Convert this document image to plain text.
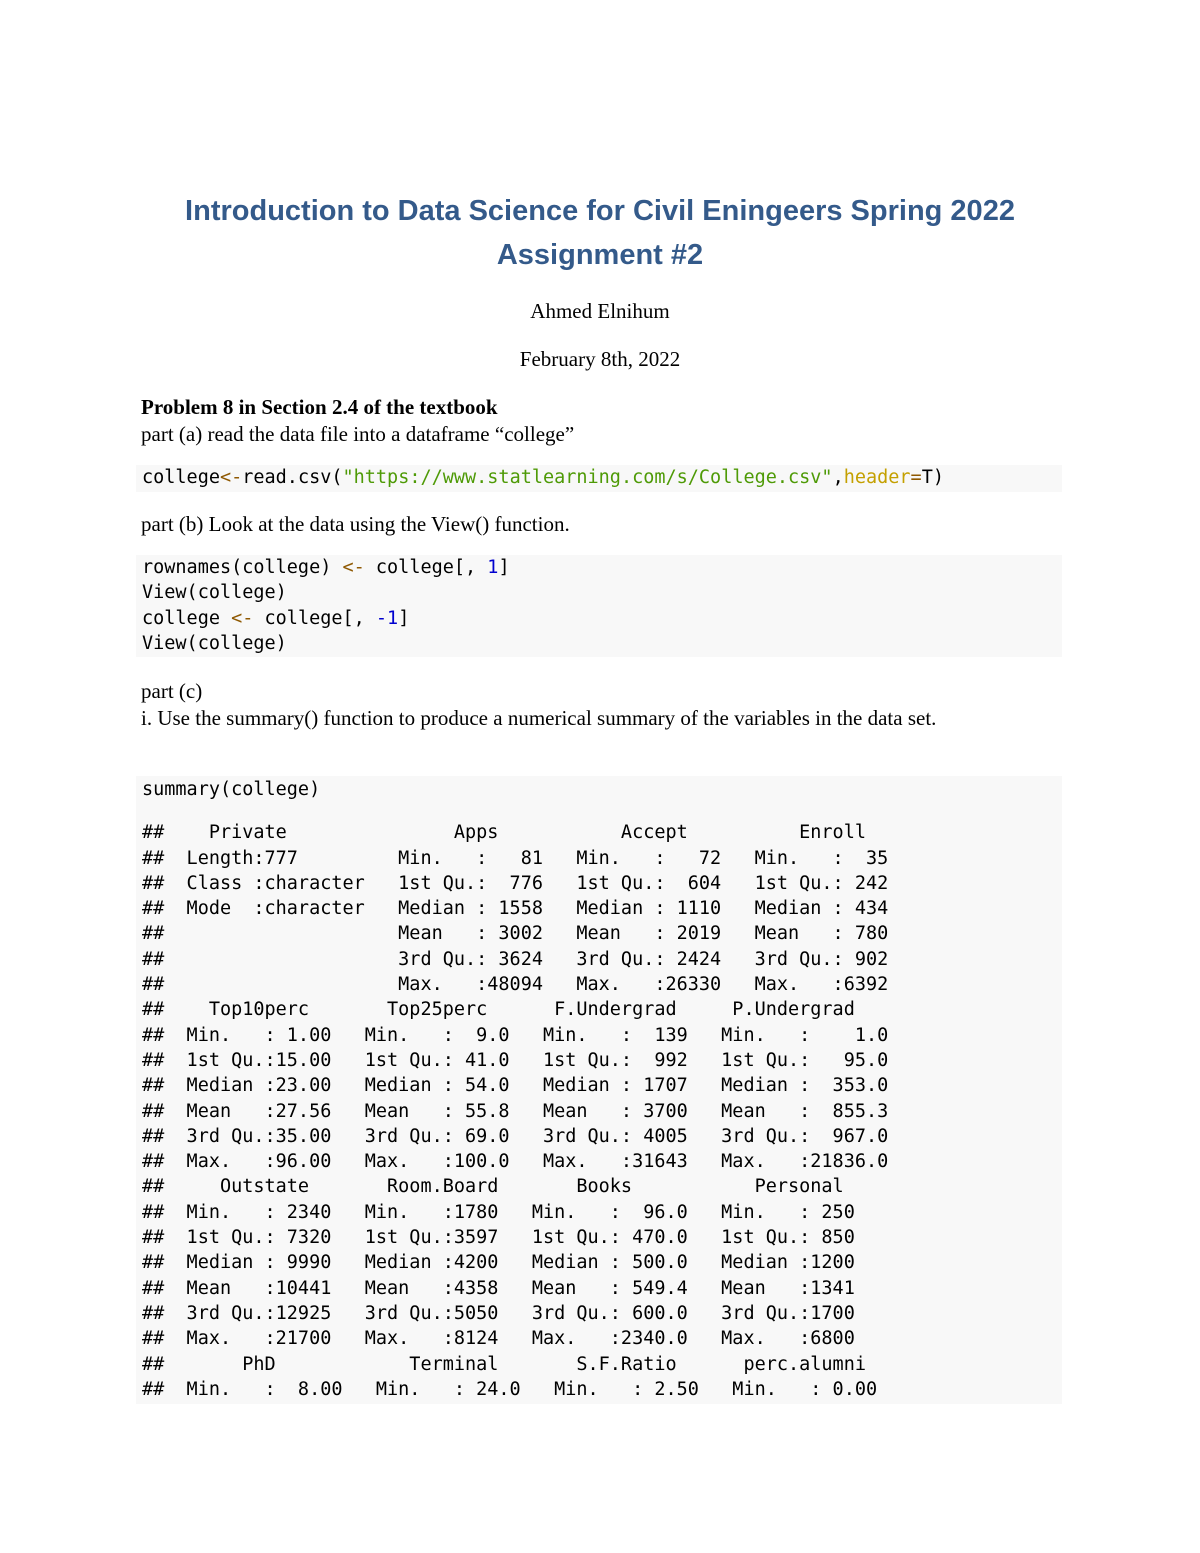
Introduction to Data Science for Civil Eningeers Spring 2022
Assignment #2
Ahmed Elnihum
February 8th, 2022
Problem 8 in Section 2.4 of the textbook
part (a) read the data file into a dataframe “college”
college<-read.csv("https://www.statlearning.com/s/College.csv",header=T)
part (b) Look at the data using the View() function.
rownames(college) <- college[, 1]
View(college)
college <- college[, -1]
View(college)
part (c)
i. Use the summary() function to produce a numerical summary of the variables in the data set.
summary(college)
##    Private               Apps           Accept          Enroll
##  Length:777         Min.   :   81   Min.   :   72   Min.   :  35
##  Class :character   1st Qu.:  776   1st Qu.:  604   1st Qu.: 242
##  Mode  :character   Median : 1558   Median : 1110   Median : 434
##                     Mean   : 3002   Mean   : 2019   Mean   : 780
##                     3rd Qu.: 3624   3rd Qu.: 2424   3rd Qu.: 902
##                     Max.   :48094   Max.   :26330   Max.   :6392
##    Top10perc       Top25perc      F.Undergrad     P.Undergrad
##  Min.   : 1.00   Min.   :  9.0   Min.   :  139   Min.   :    1.0
##  1st Qu.:15.00   1st Qu.: 41.0   1st Qu.:  992   1st Qu.:   95.0
##  Median :23.00   Median : 54.0   Median : 1707   Median :  353.0
##  Mean   :27.56   Mean   : 55.8   Mean   : 3700   Mean   :  855.3
##  3rd Qu.:35.00   3rd Qu.: 69.0   3rd Qu.: 4005   3rd Qu.:  967.0
##  Max.   :96.00   Max.   :100.0   Max.   :31643   Max.   :21836.0
##     Outstate       Room.Board       Books           Personal
##  Min.   : 2340   Min.   :1780   Min.   :  96.0   Min.   : 250
##  1st Qu.: 7320   1st Qu.:3597   1st Qu.: 470.0   1st Qu.: 850
##  Median : 9990   Median :4200   Median : 500.0   Median :1200
##  Mean   :10441   Mean   :4358   Mean   : 549.4   Mean   :1341
##  3rd Qu.:12925   3rd Qu.:5050   3rd Qu.: 600.0   3rd Qu.:1700
##  Max.   :21700   Max.   :8124   Max.   :2340.0   Max.   :6800
##       PhD            Terminal       S.F.Ratio      perc.alumni
##  Min.   :  8.00   Min.   : 24.0   Min.   : 2.50   Min.   : 0.00
